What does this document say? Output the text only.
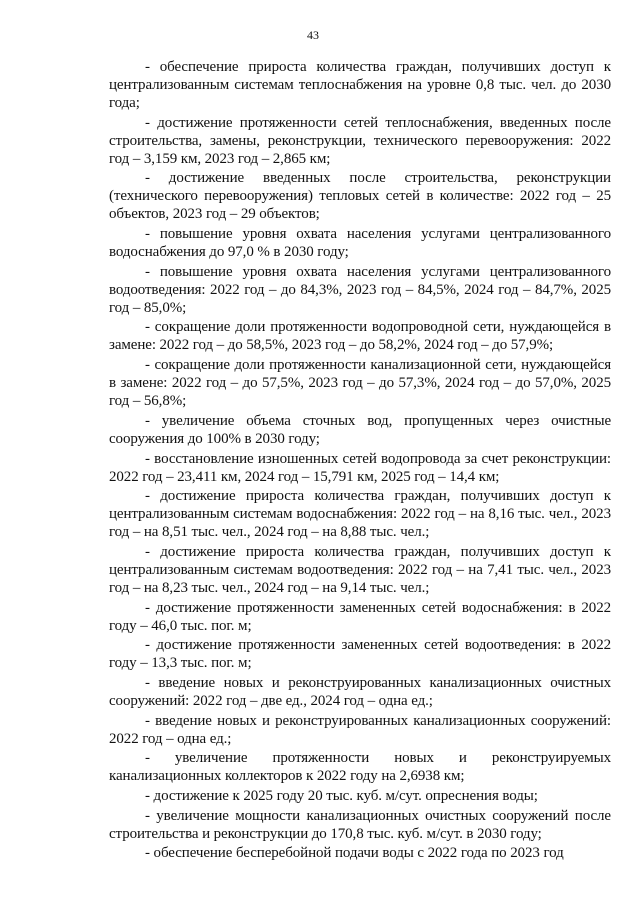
43

- обеспечение прироста количества граждан, получивших доступ к централизованным системам теплоснабжения на уровне 0,8 тыс. чел. до 2030 года;

- достижение протяженности сетей теплоснабжения, введенных после строительства, замены, реконструкции, технического перевооружения: 2022 год – 3,159 км, 2023 год – 2,865 км;

- достижение введенных после строительства, реконструкции (технического перевооружения) тепловых сетей в количестве: 2022 год – 25 объектов, 2023 год – 29 объектов;

- повышение уровня охвата населения услугами централизованного водоснабжения до 97,0 % в 2030 году;

- повышение уровня охвата населения услугами централизованного водоотведения: 2022 год – до 84,3%, 2023 год – 84,5%, 2024 год – 84,7%, 2025 год – 85,0%;

- сокращение доли протяженности водопроводной сети, нуждающейся в замене: 2022 год – до 58,5%, 2023 год – до 58,2%, 2024 год – до 57,9%;

- сокращение доли протяженности канализационной сети, нуждающейся в замене: 2022 год – до 57,5%, 2023 год – до 57,3%, 2024 год – до 57,0%, 2025 год – 56,8%;

- увеличение объема сточных вод, пропущенных через очистные сооружения до 100% в 2030 году;

- восстановление изношенных сетей водопровода за счет реконструкции: 2022 год – 23,411 км, 2024 год – 15,791 км, 2025 год – 14,4 км;

- достижение прироста количества граждан, получивших доступ к централизованным системам водоснабжения: 2022 год – на 8,16 тыс. чел., 2023 год – на 8,51 тыс. чел., 2024 год – на 8,88 тыс. чел.;

- достижение прироста количества граждан, получивших доступ к централизованным системам водоотведения: 2022 год – на 7,41 тыс. чел., 2023 год – на 8,23 тыс. чел., 2024 год – на 9,14 тыс. чел.;

- достижение протяженности замененных сетей водоснабжения: в 2022 году – 46,0 тыс. пог. м;

- достижение протяженности замененных сетей водоотведения: в 2022 году – 13,3 тыс. пог. м;

- введение новых и реконструированных канализационных очистных сооружений: 2022 год – две ед., 2024 год – одна ед.;

- введение новых и реконструированных канализационных сооружений: 2022 год – одна ед.;

- увеличение протяженности новых и реконструируемых канализационных коллекторов к 2022 году на 2,6938 км;

- достижение к 2025 году 20 тыс. куб. м/сут. опреснения воды;

- увеличение мощности канализационных очистных сооружений после строительства и реконструкции до 170,8 тыс. куб. м/сут. в 2030 году;

- обеспечение бесперебойной подачи воды с 2022 года по 2023 год
